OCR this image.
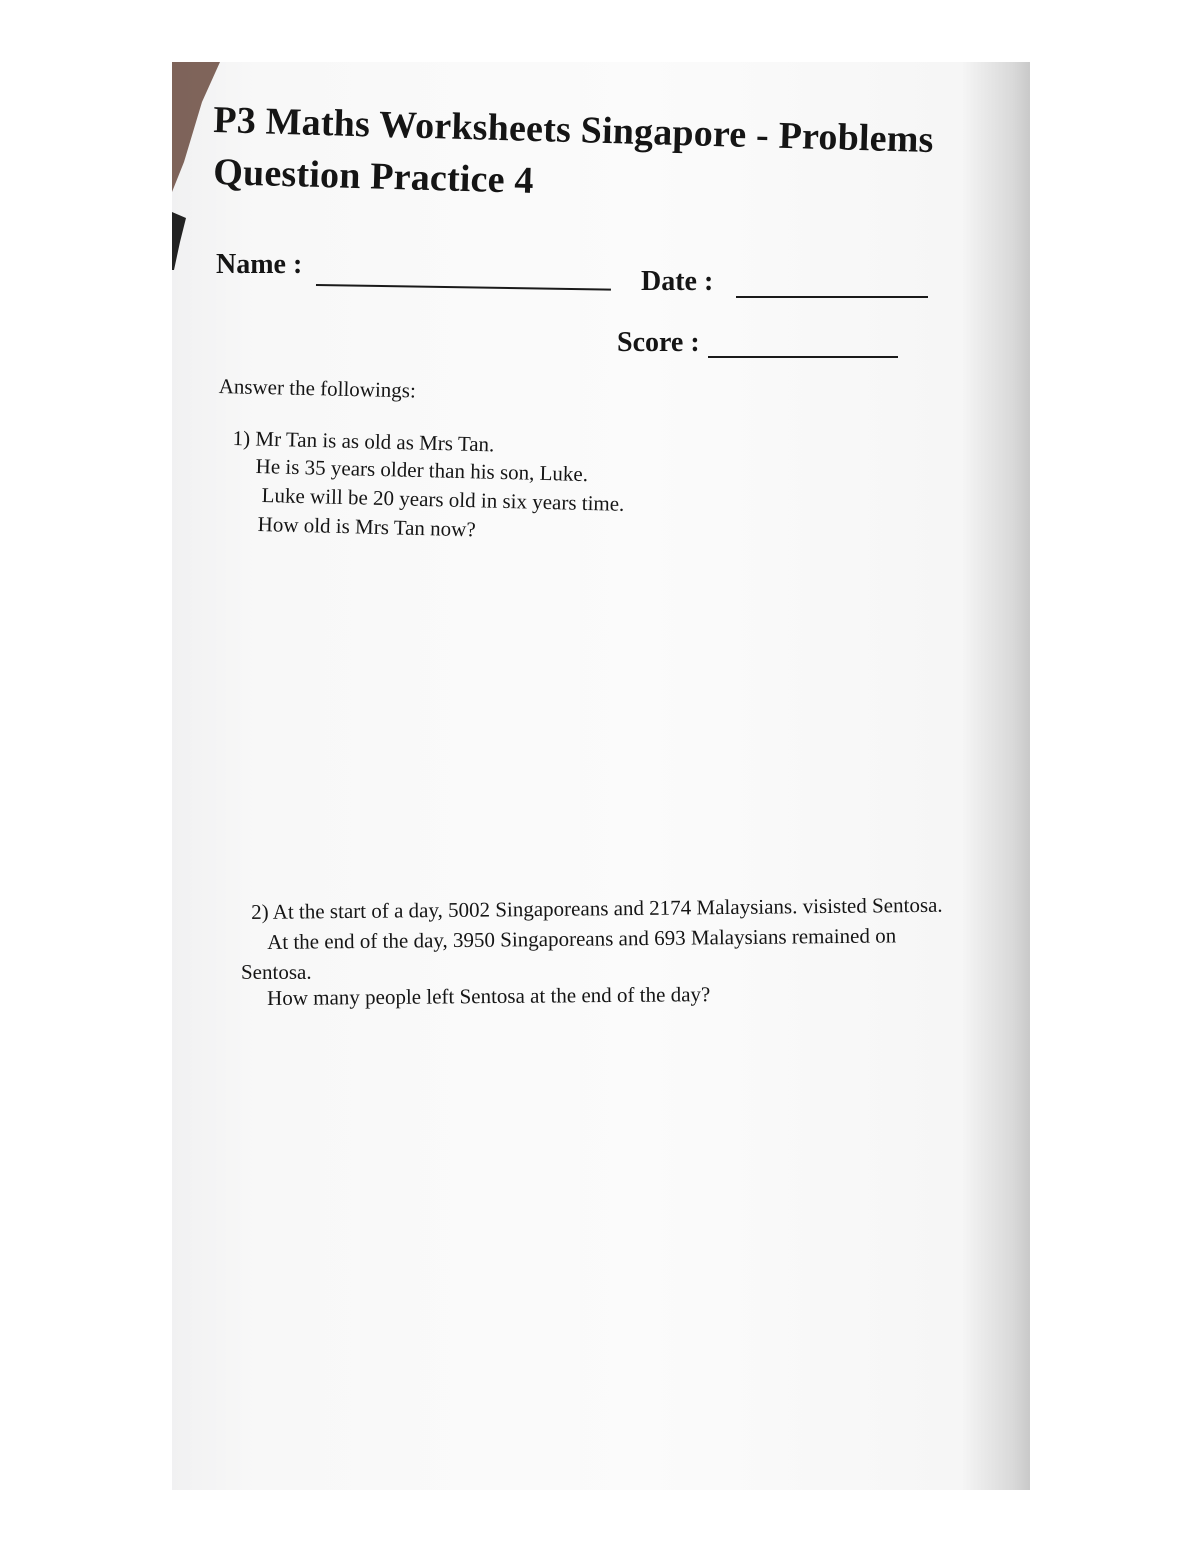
P3 Maths Worksheets Singapore - Problems
Question Practice 4
Name :
Date :
Score :
Answer the followings:
1) Mr Tan is as old as Mrs Tan.
He is 35 years older than his son, Luke.
Luke will be 20 years old in six years time.
How old is Mrs Tan now?
2) At the start of a day, 5002 Singaporeans and 2174 Malaysians. visisted Sentosa.
At the end of the day, 3950 Singaporeans and 693 Malaysians remained on
Sentosa.
How many people left Sentosa at the end of the day?
